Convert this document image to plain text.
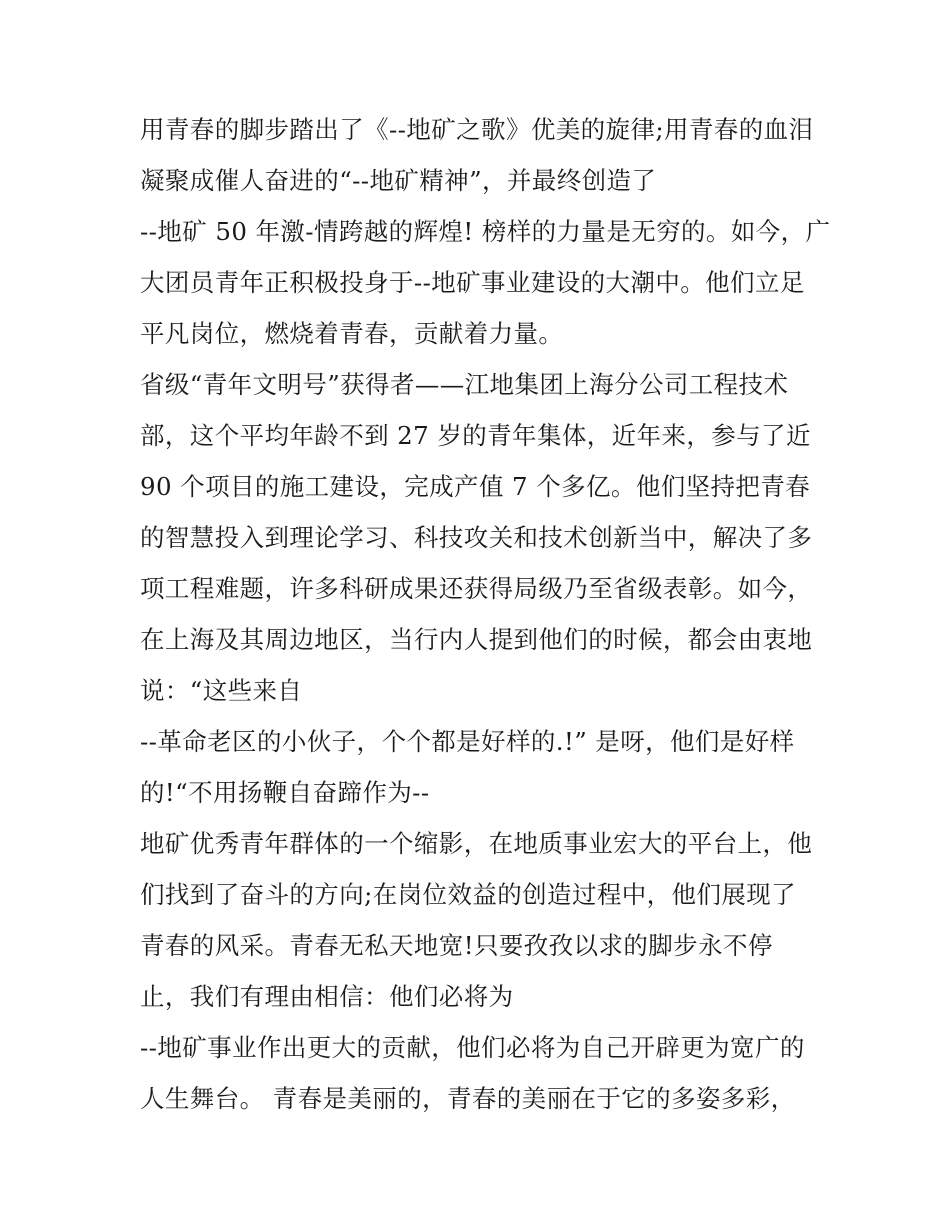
用青春的脚步踏出了《--地矿之歌》优美的旋律;用青春的血泪
凝聚成催人奋进的“--地矿精神”，并最终创造了
--地矿 50 年激-情跨越的辉煌! 榜样的力量是无穷的。如今，广
大团员青年正积极投身于--地矿事业建设的大潮中。他们立足
平凡岗位，燃烧着青春，贡献着力量。
省级“青年文明号”获得者——江地集团上海分公司工程技术
部，这个平均年龄不到 27 岁的青年集体，近年来，参与了近
90 个项目的施工建设，完成产值 7 个多亿。他们坚持把青春
的智慧投入到理论学习、科技攻关和技术创新当中，解决了多
项工程难题，许多科研成果还获得局级乃至省级表彰。如今，
在上海及其周边地区，当行内人提到他们的时候，都会由衷地
说：“这些来自
--革命老区的小伙子，个个都是好样的.!” 是呀，他们是好样
的!“不用扬鞭自奋蹄作为--
地矿优秀青年群体的一个缩影，在地质事业宏大的平台上，他
们找到了奋斗的方向;在岗位效益的创造过程中，他们展现了
青春的风采。青春无私天地宽!只要孜孜以求的脚步永不停
止，我们有理由相信：他们必将为
--地矿事业作出更大的贡献，他们必将为自己开辟更为宽广的
人生舞台。 青春是美丽的，青春的美丽在于它的多姿多彩，
